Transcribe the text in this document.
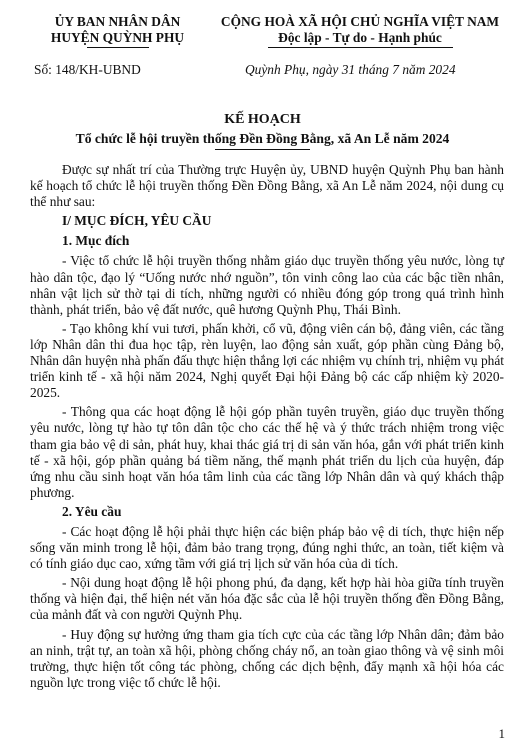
ỦY BAN NHÂN DÂN
HUYỆN QUỲNH PHỤ
CỘNG HOÀ XÃ HỘI CHỦ NGHĨA VIỆT NAM
Độc lập - Tự do - Hạnh phúc
Số: 148/KH-UBND	Quỳnh Phụ, ngày 31 tháng 7 năm 2024
KẾ HOẠCH
Tổ chức lễ hội truyền thống Đền Đồng Bằng, xã An Lễ năm 2024

Được sự nhất trí của Thường trực Huyện ủy, UBND huyện Quỳnh Phụ ban hành kế hoạch tổ chức lễ hội truyền thống Đền Đồng Bằng, xã An Lễ năm 2024, nội dung cụ thể như sau:

I/ MỤC ĐÍCH, YÊU CẦU

1. Mục đích

- Việc tổ chức lễ hội truyền thống nhằm giáo dục truyền thống yêu nước, lòng tự hào dân tộc, đạo lý “Uống nước nhớ nguồn”, tôn vinh công lao của các bậc tiền nhân, nhân vật lịch sử thờ tại di tích, những người có nhiều đóng góp trong quá trình hình thành, phát triển, bảo vệ đất nước, quê hương Quỳnh Phụ, Thái Bình.

- Tạo không khí vui tươi, phấn khởi, cổ vũ, động viên cán bộ, đảng viên, các tầng lớp Nhân dân thi đua học tập, rèn luyện, lao động sản xuất, góp phần cùng Đảng bộ, Nhân dân huyện nhà phấn đấu thực hiện thắng lợi các nhiệm vụ chính trị, nhiệm vụ phát triển kinh tế - xã hội năm 2024, Nghị quyết Đại hội Đảng bộ các cấp nhiệm kỳ 2020-2025.

- Thông qua các hoạt động lễ hội góp phần tuyên truyền, giáo dục truyền thống yêu nước, lòng tự hào tự tôn dân tộc cho các thế hệ và ý thức trách nhiệm trong việc tham gia bảo vệ di sản, phát huy, khai thác giá trị di sản văn hóa, gắn với phát triển kinh tế - xã hội, góp phần quảng bá tiềm năng, thế mạnh phát triển du lịch của huyện, đáp ứng nhu cầu sinh hoạt văn hóa tâm linh của các tầng lớp Nhân dân và quý khách thập phương.

2. Yêu cầu

- Các hoạt động lễ hội phải thực hiện các biện pháp bảo vệ di tích, thực hiện nếp sống văn minh trong lễ hội, đảm bảo trang trọng, đúng nghi thức, an toàn, tiết kiệm và có tính giáo dục cao, xứng tầm với giá trị lịch sử văn hóa của di tích.

- Nội dung hoạt động lễ hội phong phú, đa dạng, kết hợp hài hòa giữa tính truyền thống và hiện đại, thể hiện nét văn hóa đặc sắc của lễ hội truyền thống đền Đồng Bằng, của mảnh đất và con người Quỳnh Phụ.

- Huy động sự hưởng ứng tham gia tích cực của các tầng lớp Nhân dân; đảm bảo an ninh, trật tự, an toàn xã hội, phòng chống cháy nổ, an toàn giao thông và vệ sinh môi trường, thực hiện tốt công tác phòng, chống các dịch bệnh, đẩy mạnh xã hội hóa các nguồn lực trong việc tổ chức lễ hội.

1
